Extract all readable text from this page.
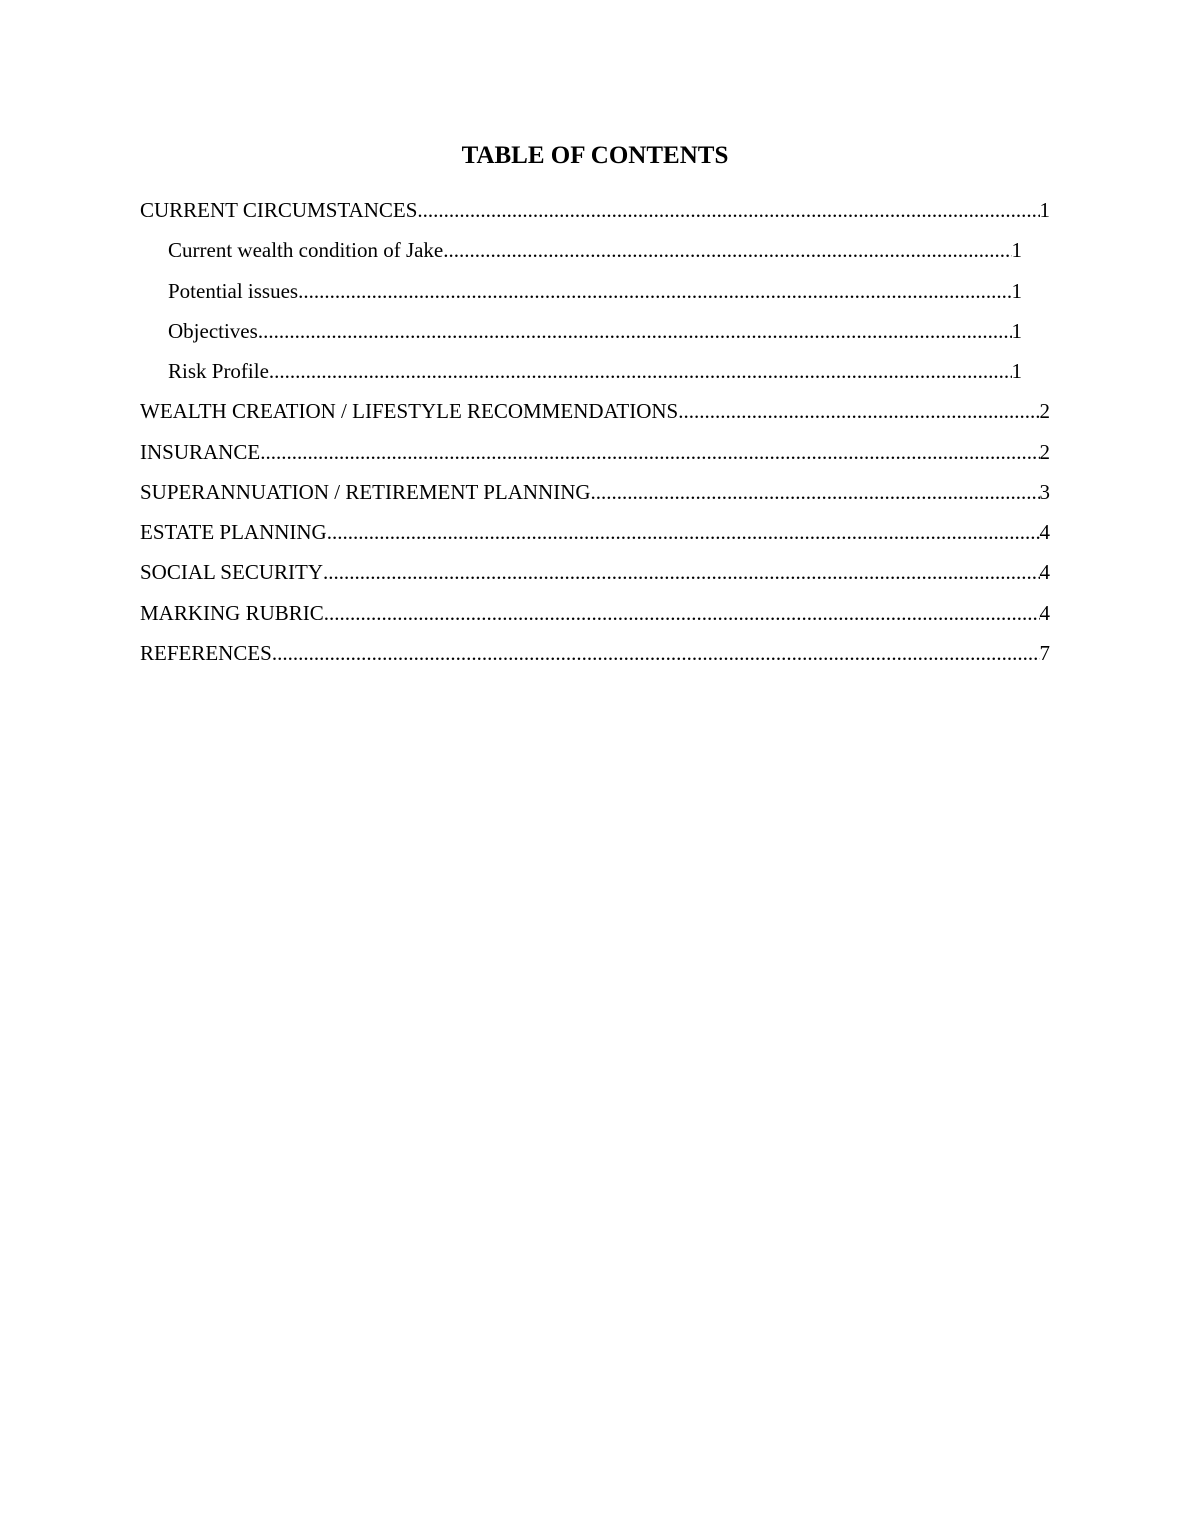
TABLE OF CONTENTS
CURRENT CIRCUMSTANCES .....	1
Current wealth condition of Jake .....	1
Potential issues .....	1
Objectives .....	1
Risk Profile .....	1
WEALTH CREATION / LIFESTYLE RECOMMENDATIONS .....	2
INSURANCE .....	2
SUPERANNUATION / RETIREMENT PLANNING .....	3
ESTATE PLANNING .....	4
SOCIAL SECURITY .....	4
MARKING RUBRIC .....	4
REFERENCES .....	7
